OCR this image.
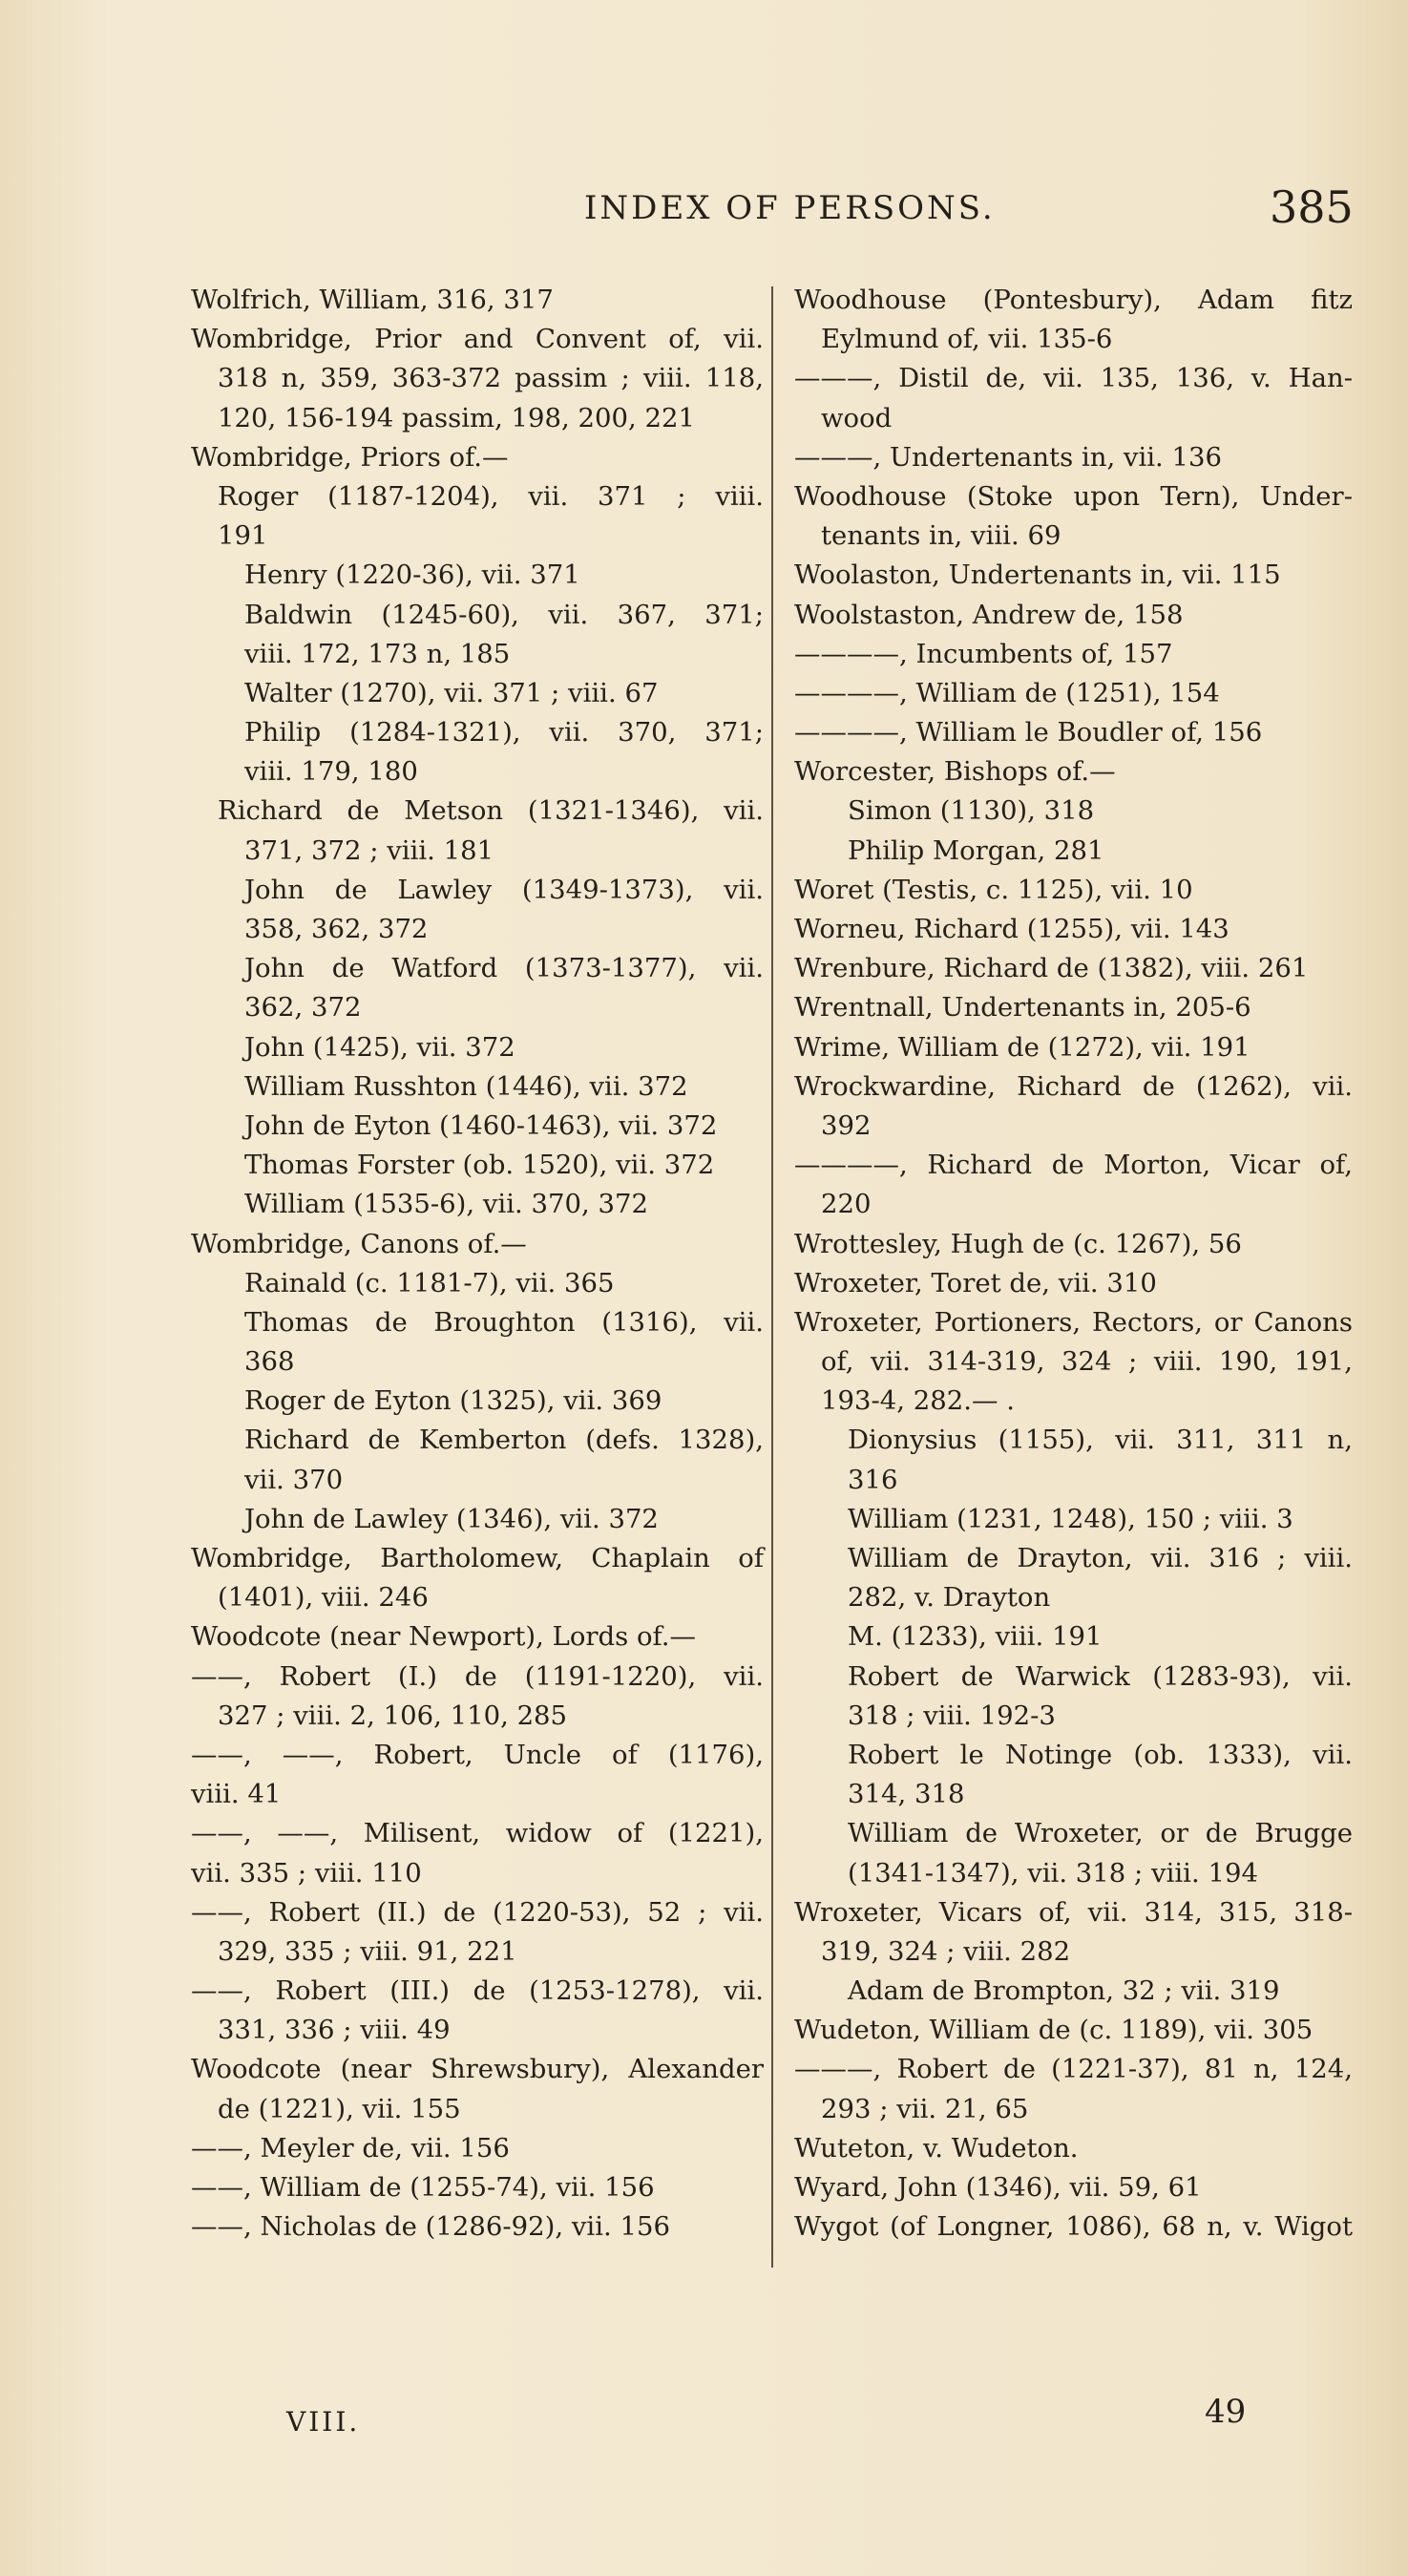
INDEX OF PERSONS.	385
Wolfrich, William, 316, 317
Wombridge, Prior and Convent of, vii.
318 n, 359, 363-372 passim ; viii. 118,
120, 156-194 passim, 198, 200, 221
Wombridge, Priors of.—
Roger (1187-1204), vii. 371 ; viii.
191
Henry (1220-36), vii. 371
Baldwin (1245-60), vii. 367, 371;
viii. 172, 173 n, 185
Walter (1270), vii. 371 ; viii. 67
Philip (1284-1321), vii. 370, 371;
viii. 179, 180
Richard de Metson (1321-1346), vii.
371, 372 ; viii. 181
John de Lawley (1349-1373), vii.
358, 362, 372
John de Watford (1373-1377), vii.
362, 372
John (1425), vii. 372
William Russhton (1446), vii. 372
John de Eyton (1460-1463), vii. 372
Thomas Forster (ob. 1520), vii. 372
William (1535-6), vii. 370, 372
Wombridge, Canons of.—
Rainald (c. 1181-7), vii. 365
Thomas de Broughton (1316), vii.
368
Roger de Eyton (1325), vii. 369
Richard de Kemberton (defs. 1328),
vii. 370
John de Lawley (1346), vii. 372
Wombridge, Bartholomew, Chaplain of
(1401), viii. 246
Woodcote (near Newport), Lords of.—
——, Robert (I.) de (1191-1220), vii.
327 ; viii. 2, 106, 110, 285
——, ——, Robert, Uncle of (1176),
viii. 41
——, ——, Milisent, widow of (1221),
vii. 335 ; viii. 110
——, Robert (II.) de (1220-53), 52 ; vii.
329, 335 ; viii. 91, 221
——, Robert (III.) de (1253-1278), vii.
331, 336 ; viii. 49
Woodcote (near Shrewsbury), Alexander
de (1221), vii. 155
——, Meyler de, vii. 156
——, William de (1255-74), vii. 156
——, Nicholas de (1286-92), vii. 156
Woodhouse (Pontesbury), Adam fitz
Eylmund of, vii. 135-6
———, Distil de, vii. 135, 136, v. Han-
wood
———, Undertenants in, vii. 136
Woodhouse (Stoke upon Tern), Under-
tenants in, viii. 69
Woolaston, Undertenants in, vii. 115
Woolstaston, Andrew de, 158
————, Incumbents of, 157
————, William de (1251), 154
————, William le Boudler of, 156
Worcester, Bishops of.—
Simon (1130), 318
Philip Morgan, 281
Woret (Testis, c. 1125), vii. 10
Worneu, Richard (1255), vii. 143
Wrenbure, Richard de (1382), viii. 261
Wrentnall, Undertenants in, 205-6
Wrime, William de (1272), vii. 191
Wrockwardine, Richard de (1262), vii.
392
————, Richard de Morton, Vicar of,
220
Wrottesley, Hugh de (c. 1267), 56
Wroxeter, Toret de, vii. 310
Wroxeter, Portioners, Rectors, or Canons
of, vii. 314-319, 324 ; viii. 190, 191,
193-4, 282.— .
Dionysius (1155), vii. 311, 311 n,
316
William (1231, 1248), 150 ; viii. 3
William de Drayton, vii. 316 ; viii.
282, v. Drayton
M. (1233), viii. 191
Robert de Warwick (1283-93), vii.
318 ; viii. 192-3
Robert le Notinge (ob. 1333), vii.
314, 318
William de Wroxeter, or de Brugge
(1341-1347), vii. 318 ; viii. 194
Wroxeter, Vicars of, vii. 314, 315, 318-
319, 324 ; viii. 282
Adam de Brompton, 32 ; vii. 319
Wudeton, William de (c. 1189), vii. 305
———, Robert de (1221-37), 81 n, 124,
293 ; vii. 21, 65
Wuteton, v. Wudeton.
Wyard, John (1346), vii. 59, 61
Wygot (of Longner, 1086), 68 n, v. Wigot
VIII.	49
